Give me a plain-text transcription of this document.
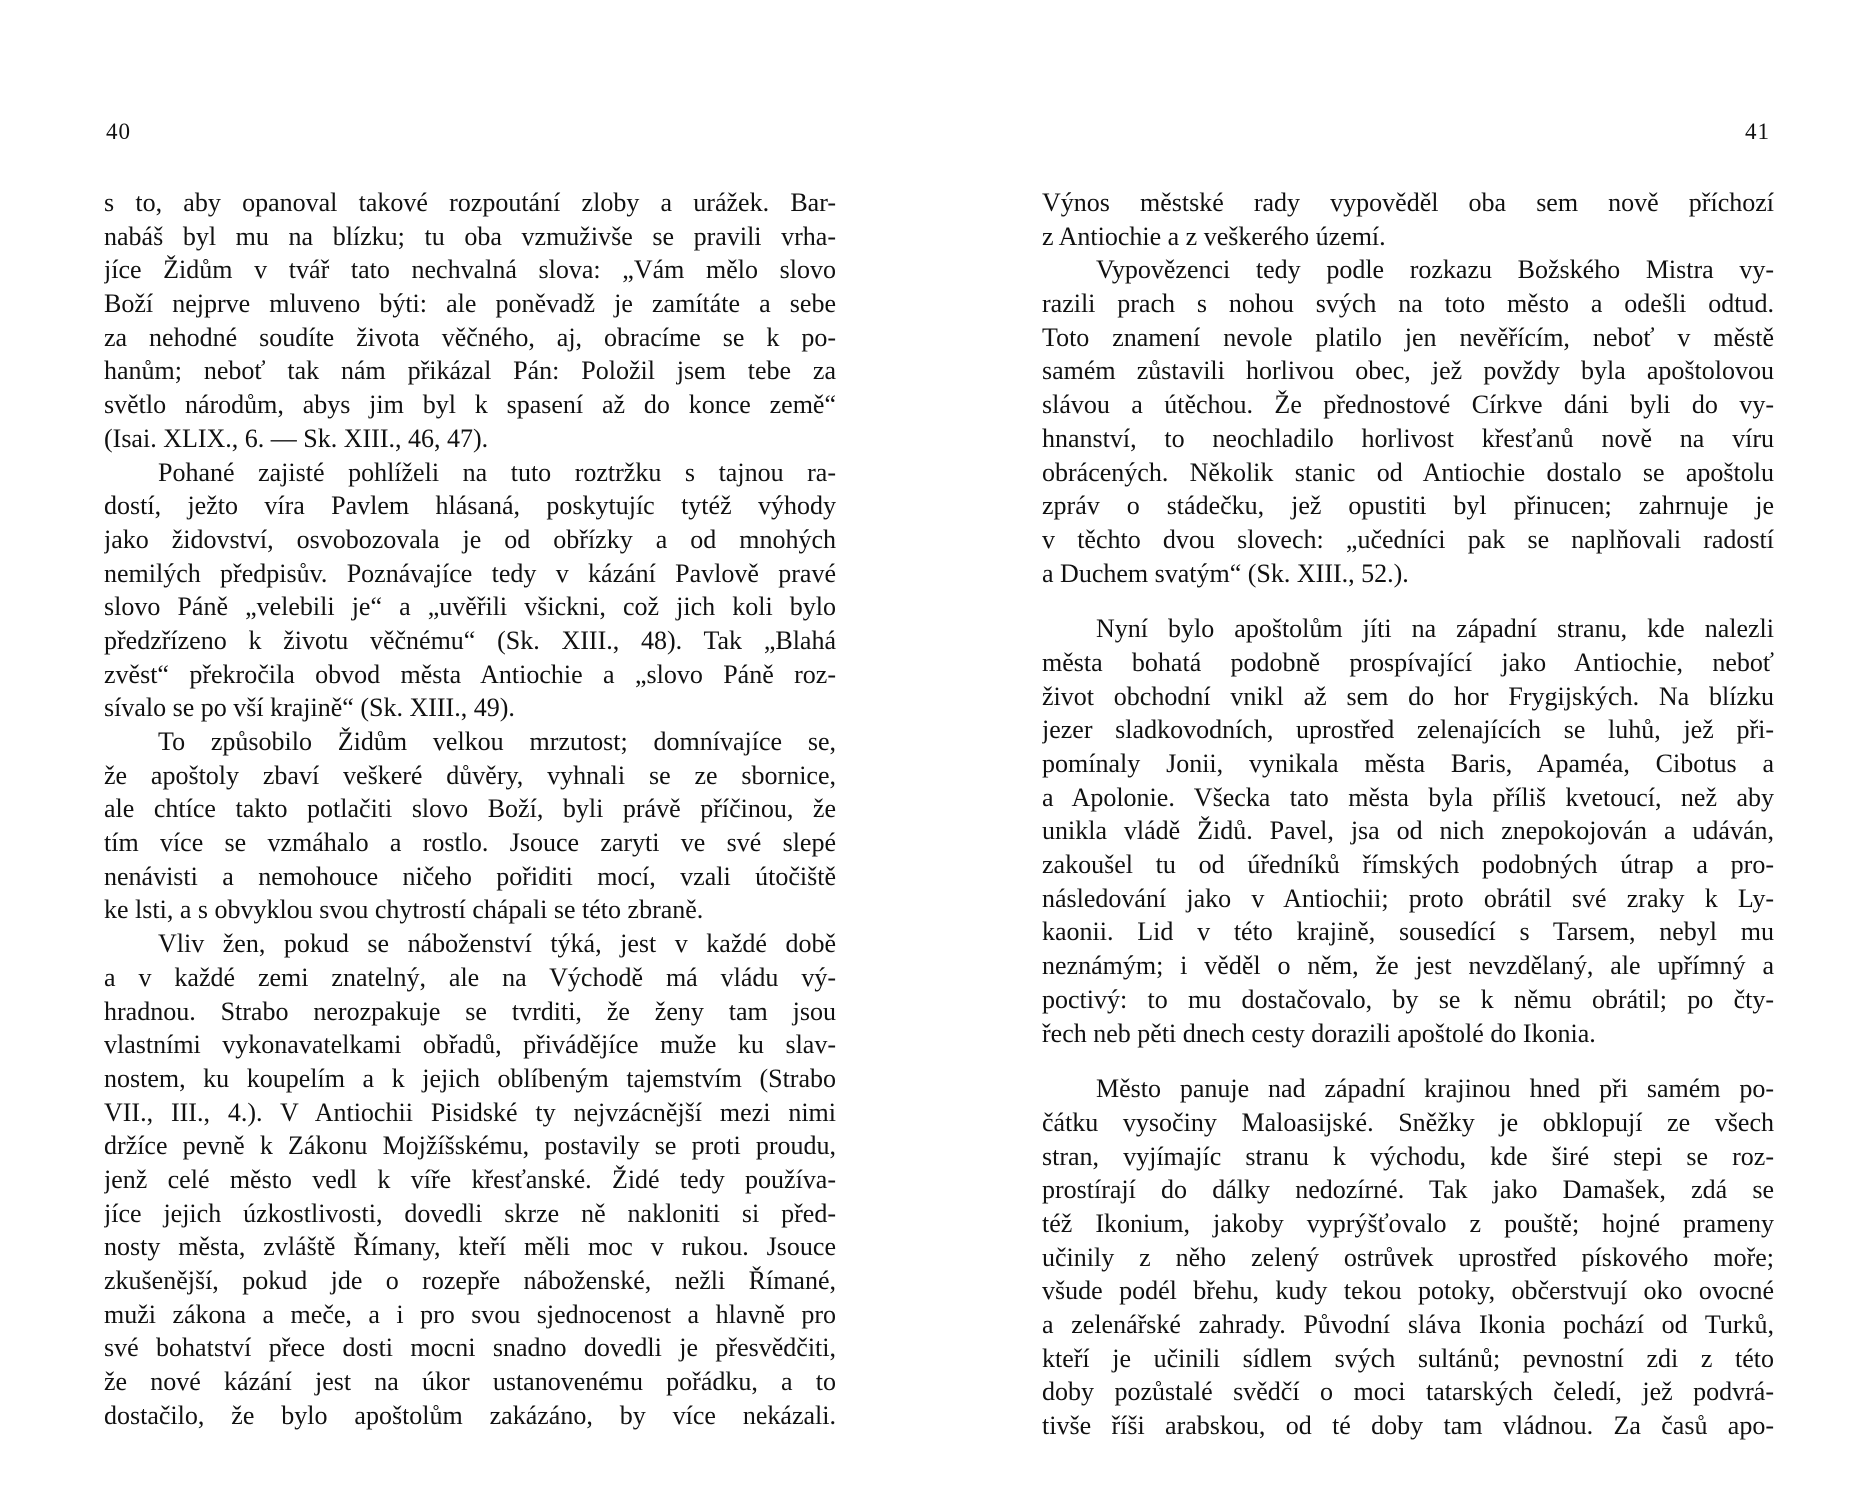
40
s to, aby opanoval takové rozpoutání zloby a urážek. Bar-
nabáš byl mu na blízku; tu oba vzmuživše se pravili vrha-
jíce Židům v tvář tato nechvalná slova: „Vám mělo slovo
Boží nejprve mluveno býti: ale poněvadž je zamítáte a sebe
za nehodné soudíte života věčného, aj, obracíme se k po-
hanům; neboť tak nám přikázal Pán: Položil jsem tebe za
světlo národům, abys jim byl k spasení až do konce země“
(Isai. XLIX., 6. — Sk. XIII., 46, 47).
Pohané zajisté pohlíželi na tuto roztržku s tajnou ra-
dostí, ježto víra Pavlem hlásaná, poskytujíc tytéž výhody
jako židovství, osvobozovala je od obřízky a od mnohých
nemilých předpisův. Poznávajíce tedy v kázání Pavlově pravé
slovo Páně „velebili je“ a „uvěřili všickni, což jich koli bylo
předzřízeno k životu věčnému“ (Sk. XIII., 48). Tak „Blahá
zvěst“ překročila obvod města Antiochie a „slovo Páně roz-
sívalo se po vší krajině“ (Sk. XIII., 49).
To způsobilo Židům velkou mrzutost; domnívajíce se,
že apoštoly zbaví veškeré důvěry, vyhnali se ze sbornice,
ale chtíce takto potlačiti slovo Boží, byli právě příčinou, že
tím více se vzmáhalo a rostlo. Jsouce zaryti ve své slepé
nenávisti a nemohouce ničeho pořiditi mocí, vzali útočiště
ke lsti, a s obvyklou svou chytrostí chápali se této zbraně.
Vliv žen, pokud se náboženství týká, jest v každé době
a v každé zemi znatelný, ale na Východě má vládu vý-
hradnou. Strabo nerozpakuje se tvrditi, že ženy tam jsou
vlastními vykonavatelkami obřadů, přivádějíce muže ku slav-
nostem, ku koupelím a k jejich oblíbeným tajemstvím (Strabo
VII., III., 4.). V Antiochii Pisidské ty nejvzácnější mezi nimi
držíce pevně k Zákonu Mojžíšskému, postavily se proti proudu,
jenž celé město vedl k víře křesťanské. Židé tedy používa-
jíce jejich úzkostlivosti, dovedli skrze ně nakloniti si před-
nosty města, zvláště Římany, kteří měli moc v rukou. Jsouce
zkušenější, pokud jde o rozepře náboženské, nežli Římané,
muži zákona a meče, a i pro svou sjednocenost a hlavně pro
své bohatství přece dosti mocni snadno dovedli je přesvědčiti,
že nové kázání jest na úkor ustanovenému pořádku, a to
dostačilo, že bylo apoštolům zakázáno, by více nekázali.
41
Výnos městské rady vypověděl oba sem nově příchozí
z Antiochie a z veškerého území.
Vypovězenci tedy podle rozkazu Božského Mistra vy-
razili prach s nohou svých na toto město a odešli odtud.
Toto znamení nevole platilo jen nevěřícím, neboť v městě
samém zůstavili horlivou obec, jež povždy byla apoštolovou
slávou a útěchou. Že přednostové Církve dáni byli do vy-
hnanství, to neochladilo horlivost křesťanů nově na víru
obrácených. Několik stanic od Antiochie dostalo se apoštolu
zpráv o stádečku, jež opustiti byl přinucen; zahrnuje je
v těchto dvou slovech: „učedníci pak se naplňovali radostí
a Duchem svatým“ (Sk. XIII., 52.).
Nyní bylo apoštolům jíti na západní stranu, kde nalezli
města bohatá podobně prospívající jako Antiochie, neboť
život obchodní vnikl až sem do hor Frygijských. Na blízku
jezer sladkovodních, uprostřed zelenajících se luhů, jež při-
pomínaly Jonii, vynikala města Baris, Apaméa, Cibotus a
a Apolonie. Všecka tato města byla příliš kvetoucí, než aby
unikla vládě Židů. Pavel, jsa od nich znepokojován a udáván,
zakoušel tu od úředníků římských podobných útrap a pro-
následování jako v Antiochii; proto obrátil své zraky k Ly-
kaonii. Lid v této krajině, sousedící s Tarsem, nebyl mu
neznámým; i věděl o něm, že jest nevzdělaný, ale upřímný a
poctivý: to mu dostačovalo, by se k němu obrátil; po čty-
řech neb pěti dnech cesty dorazili apoštolé do Ikonia.
Město panuje nad západní krajinou hned při samém po-
čátku vysočiny Maloasijské. Sněžky je obklopují ze všech
stran, vyjímajíc stranu k východu, kde širé stepi se roz-
prostírají do dálky nedozírné. Tak jako Damašek, zdá se
též Ikonium, jakoby vyprýšťovalo z pouště; hojné prameny
učinily z něho zelený ostrůvek uprostřed pískového moře;
všude podél břehu, kudy tekou potoky, občerstvují oko ovocné
a zelenářské zahrady. Původní sláva Ikonia pochází od Turků,
kteří je učinili sídlem svých sultánů; pevnostní zdi z této
doby pozůstalé svědčí o moci tatarských čeledí, jež podvrá-
tivše říši arabskou, od té doby tam vládnou. Za časů apo-
